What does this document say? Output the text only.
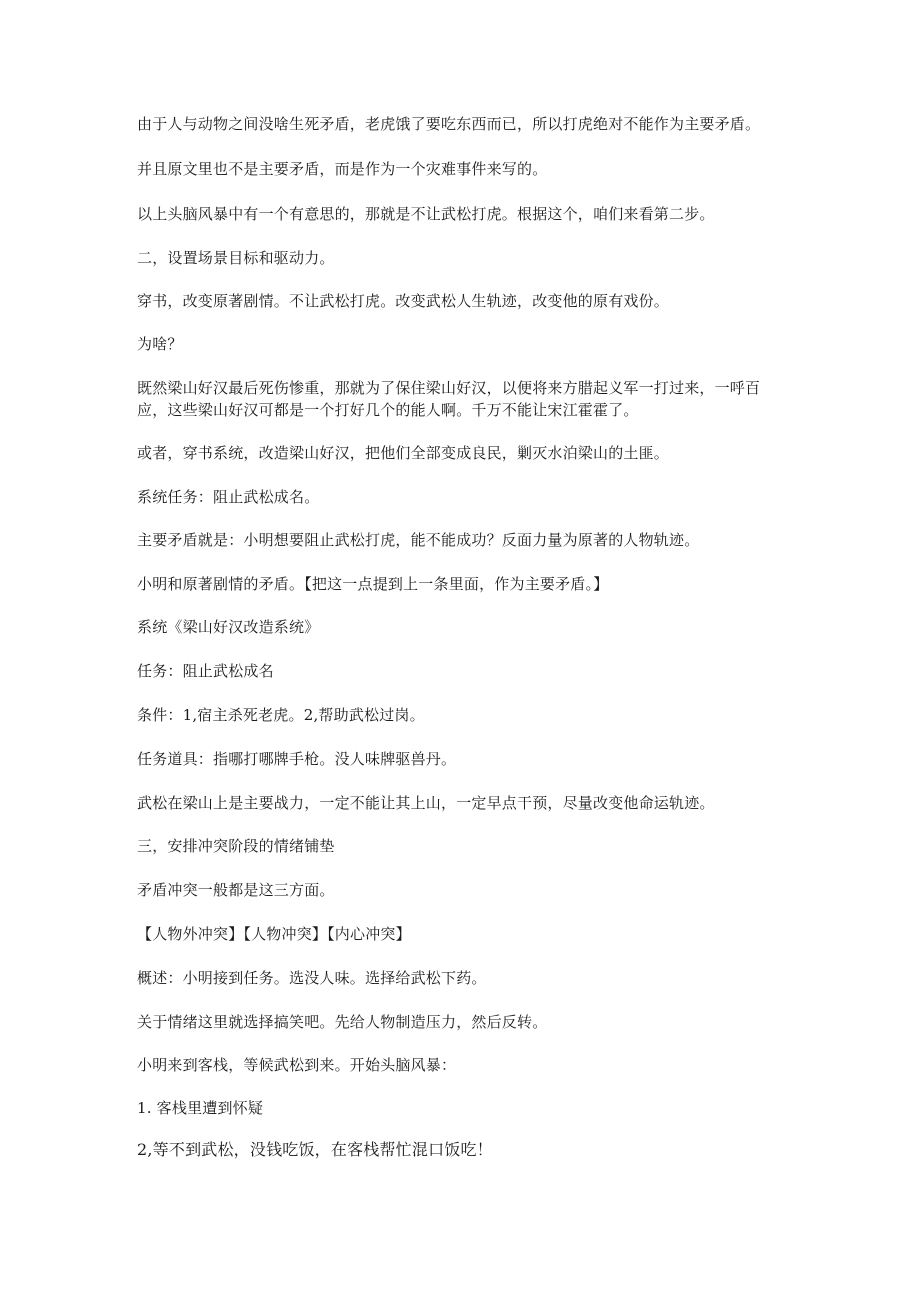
由于人与动物之间没啥生死矛盾，老虎饿了要吃东西而已，所以打虎绝对不能作为主要矛盾。

并且原文里也不是主要矛盾，而是作为一个灾难事件来写的。

以上头脑风暴中有一个有意思的，那就是不让武松打虎。根据这个，咱们来看第二步。

二，设置场景目标和驱动力。

穿书，改变原著剧情。不让武松打虎。改变武松人生轨迹，改变他的原有戏份。

为啥？

既然梁山好汉最后死伤惨重，那就为了保住梁山好汉，以便将来方腊起义军一打过来，一呼百应，这些梁山好汉可都是一个打好几个的能人啊。千万不能让宋江霍霍了。

或者，穿书系统，改造梁山好汉，把他们全部变成良民，剿灭水泊梁山的土匪。

系统任务：阻止武松成名。

主要矛盾就是：小明想要阻止武松打虎，能不能成功？反面力量为原著的人物轨迹。

小明和原著剧情的矛盾。【把这一点提到上一条里面，作为主要矛盾。】

系统《梁山好汉改造系统》

任务：阻止武松成名

条件：1,宿主杀死老虎。2,帮助武松过岗。

任务道具：指哪打哪牌手枪。没人味牌驱兽丹。

武松在梁山上是主要战力，一定不能让其上山，一定早点干预，尽量改变他命运轨迹。

三，安排冲突阶段的情绪铺垫

矛盾冲突一般都是这三方面。

【人物外冲突】【人物冲突】【内心冲突】

概述：小明接到任务。选没人味。选择给武松下药。

关于情绪这里就选择搞笑吧。先给人物制造压力，然后反转。

小明来到客栈，等候武松到来。开始头脑风暴：

1. 客栈里遭到怀疑

2,等不到武松，没钱吃饭，在客栈帮忙混口饭吃！
